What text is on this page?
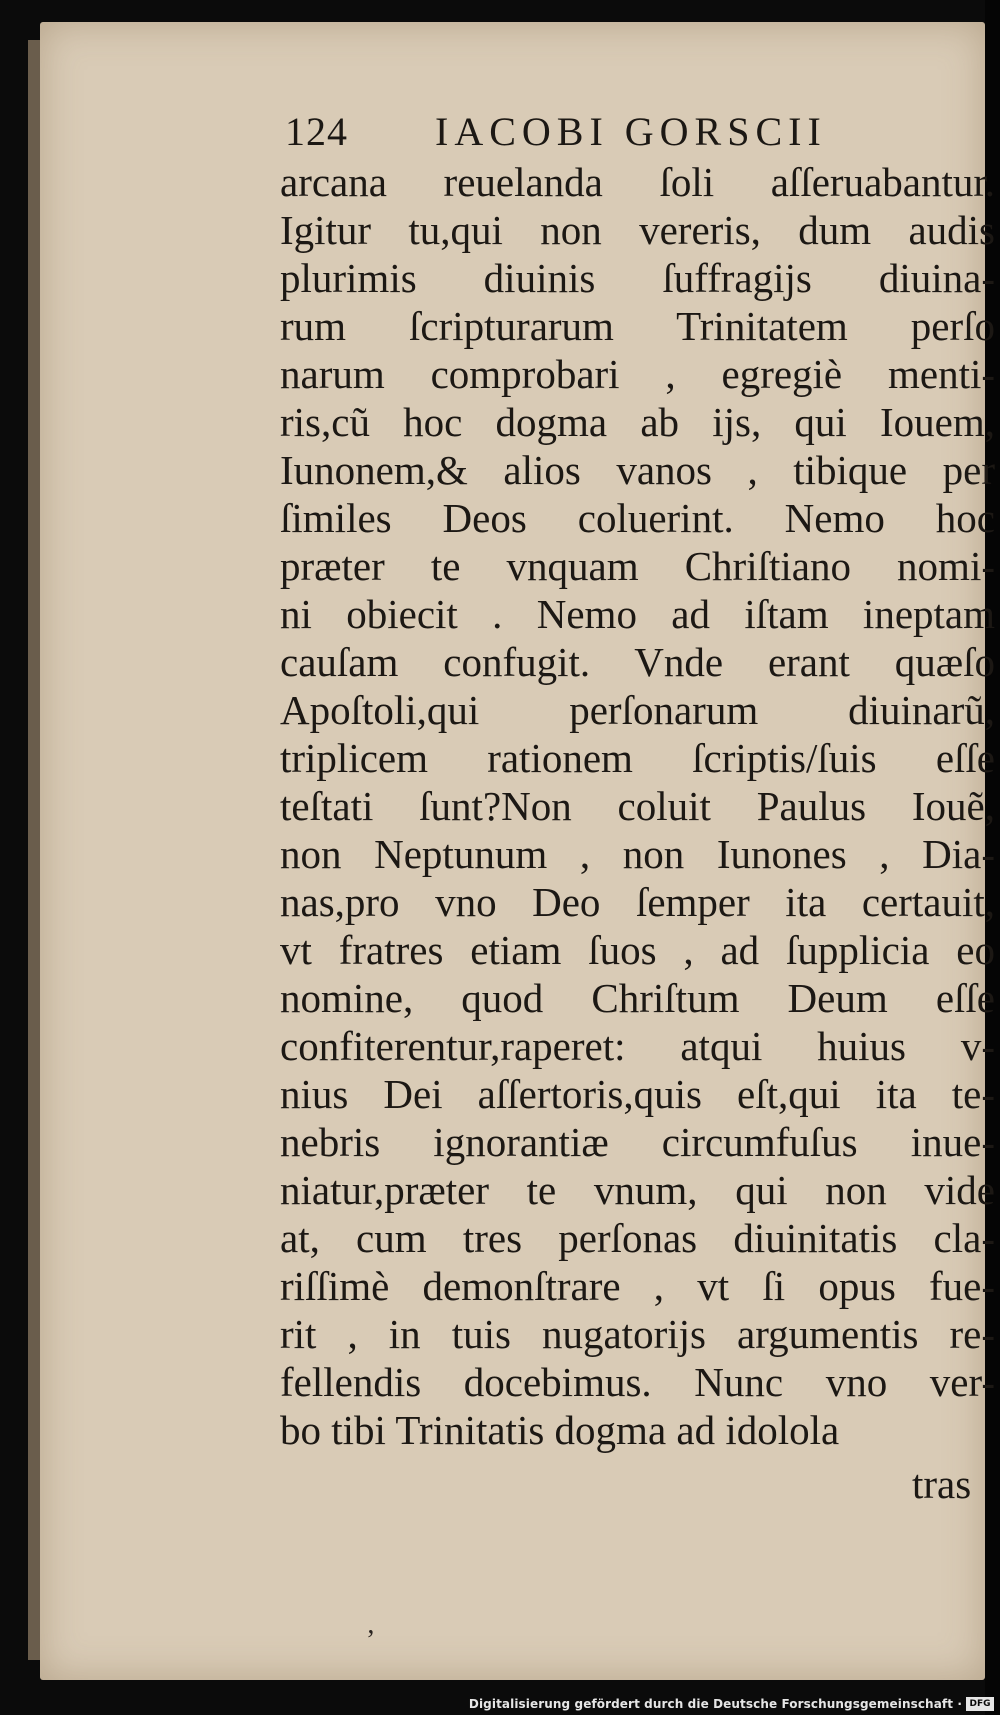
124 IACOBI GORSCII
arcana reuelanda ſoli aſſeruabantur.
Igitur tu,qui non vereris, dum audis
plurimis diuinis ſuffragijs diuina-
rum ſcripturarum Trinitatem perſo
narum comprobari , egregiè menti-
ris,cũ hoc dogma ab ijs, qui Iouem,
Iunonem,& alios vanos , tibique per
ſimiles Deos coluerint. Nemo hoc
præter te vnquam Chriſtiano nomi-
ni obiecit . Nemo ad iſtam ineptam
cauſam confugit. Vnde erant quæſo
Apoſtoli,qui perſonarum diuinarũ,
triplicem rationem ſcriptis/ſuis eſſe
teſtati ſunt?Non coluit Paulus Iouẽ,
non Neptunum , non Iunones , Dia-
nas,pro vno Deo ſemper ita certauit,
vt fratres etiam ſuos , ad ſupplicia eo
nomine, quod Chriſtum Deum eſſe
confiterentur,raperet: atqui huius v-
nius Dei aſſertoris,quis eſt,qui ita te-
nebris ignorantiæ circumfuſus inue-
niatur,præter te vnum, qui non vide
at, cum tres perſonas diuinitatis cla-
riſſimè demonſtrare , vt ſi opus fue-
rit , in tuis nugatorijs argumentis re-
fellendis docebimus. Nunc vno ver-
bo tibi Trinitatis dogma ad idolola
tras
ʼ
Digitalisierung gefördert durch die Deutsche Forschungsgemeinschaft · DFG
